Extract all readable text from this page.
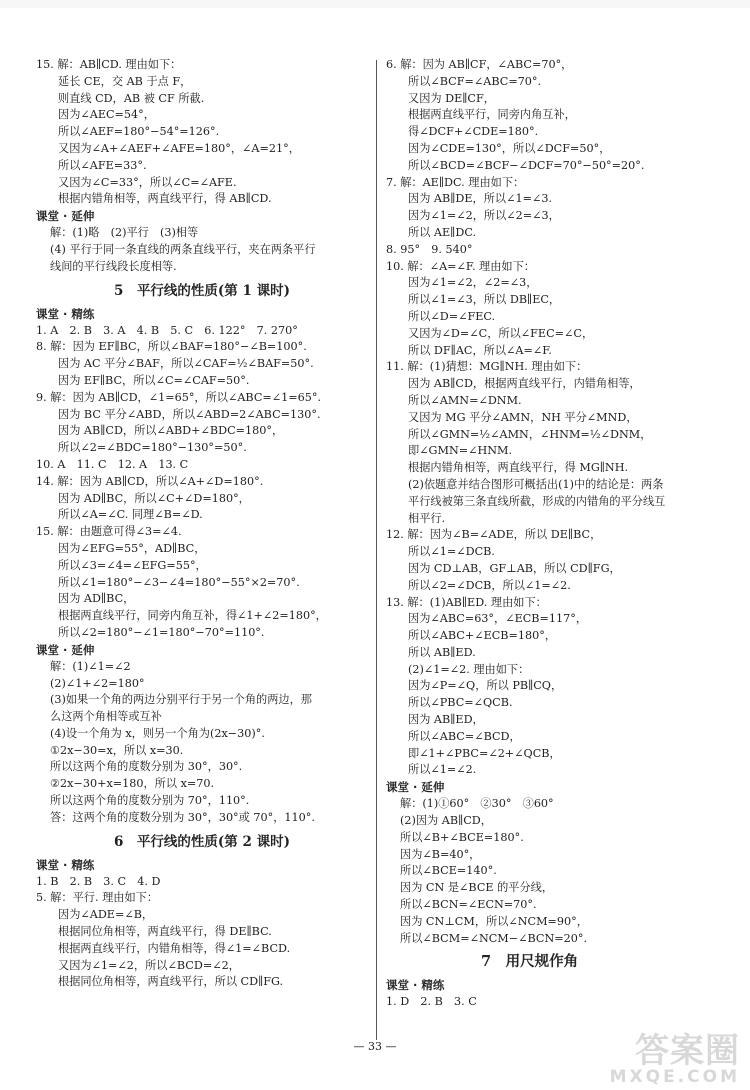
15. 解：AB∥CD. 理由如下：
延长 CE，交 AB 于点 F，
则直线 CD，AB 被 CF 所截.
因为∠AEC=54°，
所以∠AEF=180°−54°=126°.
又因为∠A+∠AEF+∠AFE=180°，∠A=21°，
所以∠AFE=33°.
又因为∠C=33°，所以∠C=∠AFE.
根据内错角相等，两直线平行，得 AB∥CD.
课堂 · 延伸
解：(1)略　(2)平行　(3)相等
(4) 平行于同一条直线的两条直线平行，夹在两条平行
线间的平行线段长度相等.
5　平行线的性质(第 1 课时)
课堂 · 精练
1. A　2. B　3. A　4. B　5. C　6. 122°　7. 270°
8. 解：因为 EF∥BC，所以∠BAF=180°−∠B=100°.
因为 AC 平分∠BAF，所以∠CAF=½∠BAF=50°.
因为 EF∥BC，所以∠C=∠CAF=50°.
9. 解：因为 AB∥CD，∠1=65°，所以∠ABC=∠1=65°.
因为 BC 平分∠ABD，所以∠ABD=2∠ABC=130°.
因为 AB∥CD，所以∠ABD+∠BDC=180°，
所以∠2=∠BDC=180°−130°=50°.
10. A　11. C　12. A　13. C
14. 解：因为 AB∥CD，所以∠A+∠D=180°.
因为 AD∥BC，所以∠C+∠D=180°，
所以∠A=∠C. 同理∠B=∠D.
15. 解：由题意可得∠3=∠4.
因为∠EFG=55°，AD∥BC，
所以∠3=∠4=∠EFG=55°，
所以∠1=180°−∠3−∠4=180°−55°×2=70°.
因为 AD∥BC，
根据两直线平行，同旁内角互补，得∠1+∠2=180°，
所以∠2=180°−∠1=180°−70°=110°.
课堂 · 延伸
解：(1)∠1=∠2
(2)∠1+∠2=180°
(3)如果一个角的两边分别平行于另一个角的两边，那
么这两个角相等或互补
(4)设一个角为 x，则另一个角为(2x−30)°.
①2x−30=x，所以 x=30.
所以这两个角的度数分别为 30°，30°.
②2x−30+x=180，所以 x=70.
所以这两个角的度数分别为 70°，110°.
答：这两个角的度数分别为 30°，30°或 70°，110°.
6　平行线的性质(第 2 课时)
课堂 · 精练
1. B　2. B　3. C　4. D
5. 解：平行. 理由如下：
因为∠ADE=∠B，
根据同位角相等，两直线平行，得 DE∥BC.
根据两直线平行，内错角相等，得∠1=∠BCD.
又因为∠1=∠2，所以∠BCD=∠2，
根据同位角相等，两直线平行，所以 CD∥FG.
6. 解：因为 AB∥CF，∠ABC=70°，
所以∠BCF=∠ABC=70°.
又因为 DE∥CF，
根据两直线平行，同旁内角互补，
得∠DCF+∠CDE=180°.
因为∠CDE=130°，所以∠DCF=50°，
所以∠BCD=∠BCF−∠DCF=70°−50°=20°.
7. 解：AE∥DC. 理由如下：
因为 AB∥DE，所以∠1=∠3.
因为∠1=∠2，所以∠2=∠3，
所以 AE∥DC.
8. 95°　9. 540°
10. 解：∠A=∠F. 理由如下：
因为∠1=∠2，∠2=∠3，
所以∠1=∠3，所以 DB∥EC，
所以∠D=∠FEC.
又因为∠D=∠C，所以∠FEC=∠C，
所以 DF∥AC，所以∠A=∠F.
11. 解：(1)猜想：MG∥NH. 理由如下：
因为 AB∥CD，根据两直线平行，内错角相等，
所以∠AMN=∠DNM.
又因为 MG 平分∠AMN，NH 平分∠MND，
所以∠GMN=½∠AMN，∠HNM=½∠DNM，
即∠GMN=∠HNM.
根据内错角相等，两直线平行，得 MG∥NH.
(2)依题意并结合图形可概括出(1)中的结论是：两条
平行线被第三条直线所截，形成的内错角的平分线互
相平行.
12. 解：因为∠B=∠ADE，所以 DE∥BC，
所以∠1=∠DCB.
因为 CD⊥AB，GF⊥AB，所以 CD∥FG，
所以∠2=∠DCB，所以∠1=∠2.
13. 解：(1)AB∥ED. 理由如下：
因为∠ABC=63°，∠ECB=117°，
所以∠ABC+∠ECB=180°，
所以 AB∥ED.
(2)∠1=∠2. 理由如下：
因为∠P=∠Q，所以 PB∥CQ，
所以∠PBC=∠QCB.
因为 AB∥ED，
所以∠ABC=∠BCD，
即∠1+∠PBC=∠2+∠QCB，
所以∠1=∠2.
课堂 · 延伸
解：(1)①60°　②30°　③60°
(2)因为 AB∥CD，
所以∠B+∠BCE=180°.
因为∠B=40°，
所以∠BCE=140°.
因为 CN 是∠BCE 的平分线，
所以∠BCN=∠ECN=70°.
因为 CN⊥CM，所以∠NCM=90°，
所以∠BCM=∠NCM−∠BCN=20°.
7　用尺规作角
课堂 · 精练
1. D　2. B　3. C
— 33 —	答案圈
MXQE.COM
